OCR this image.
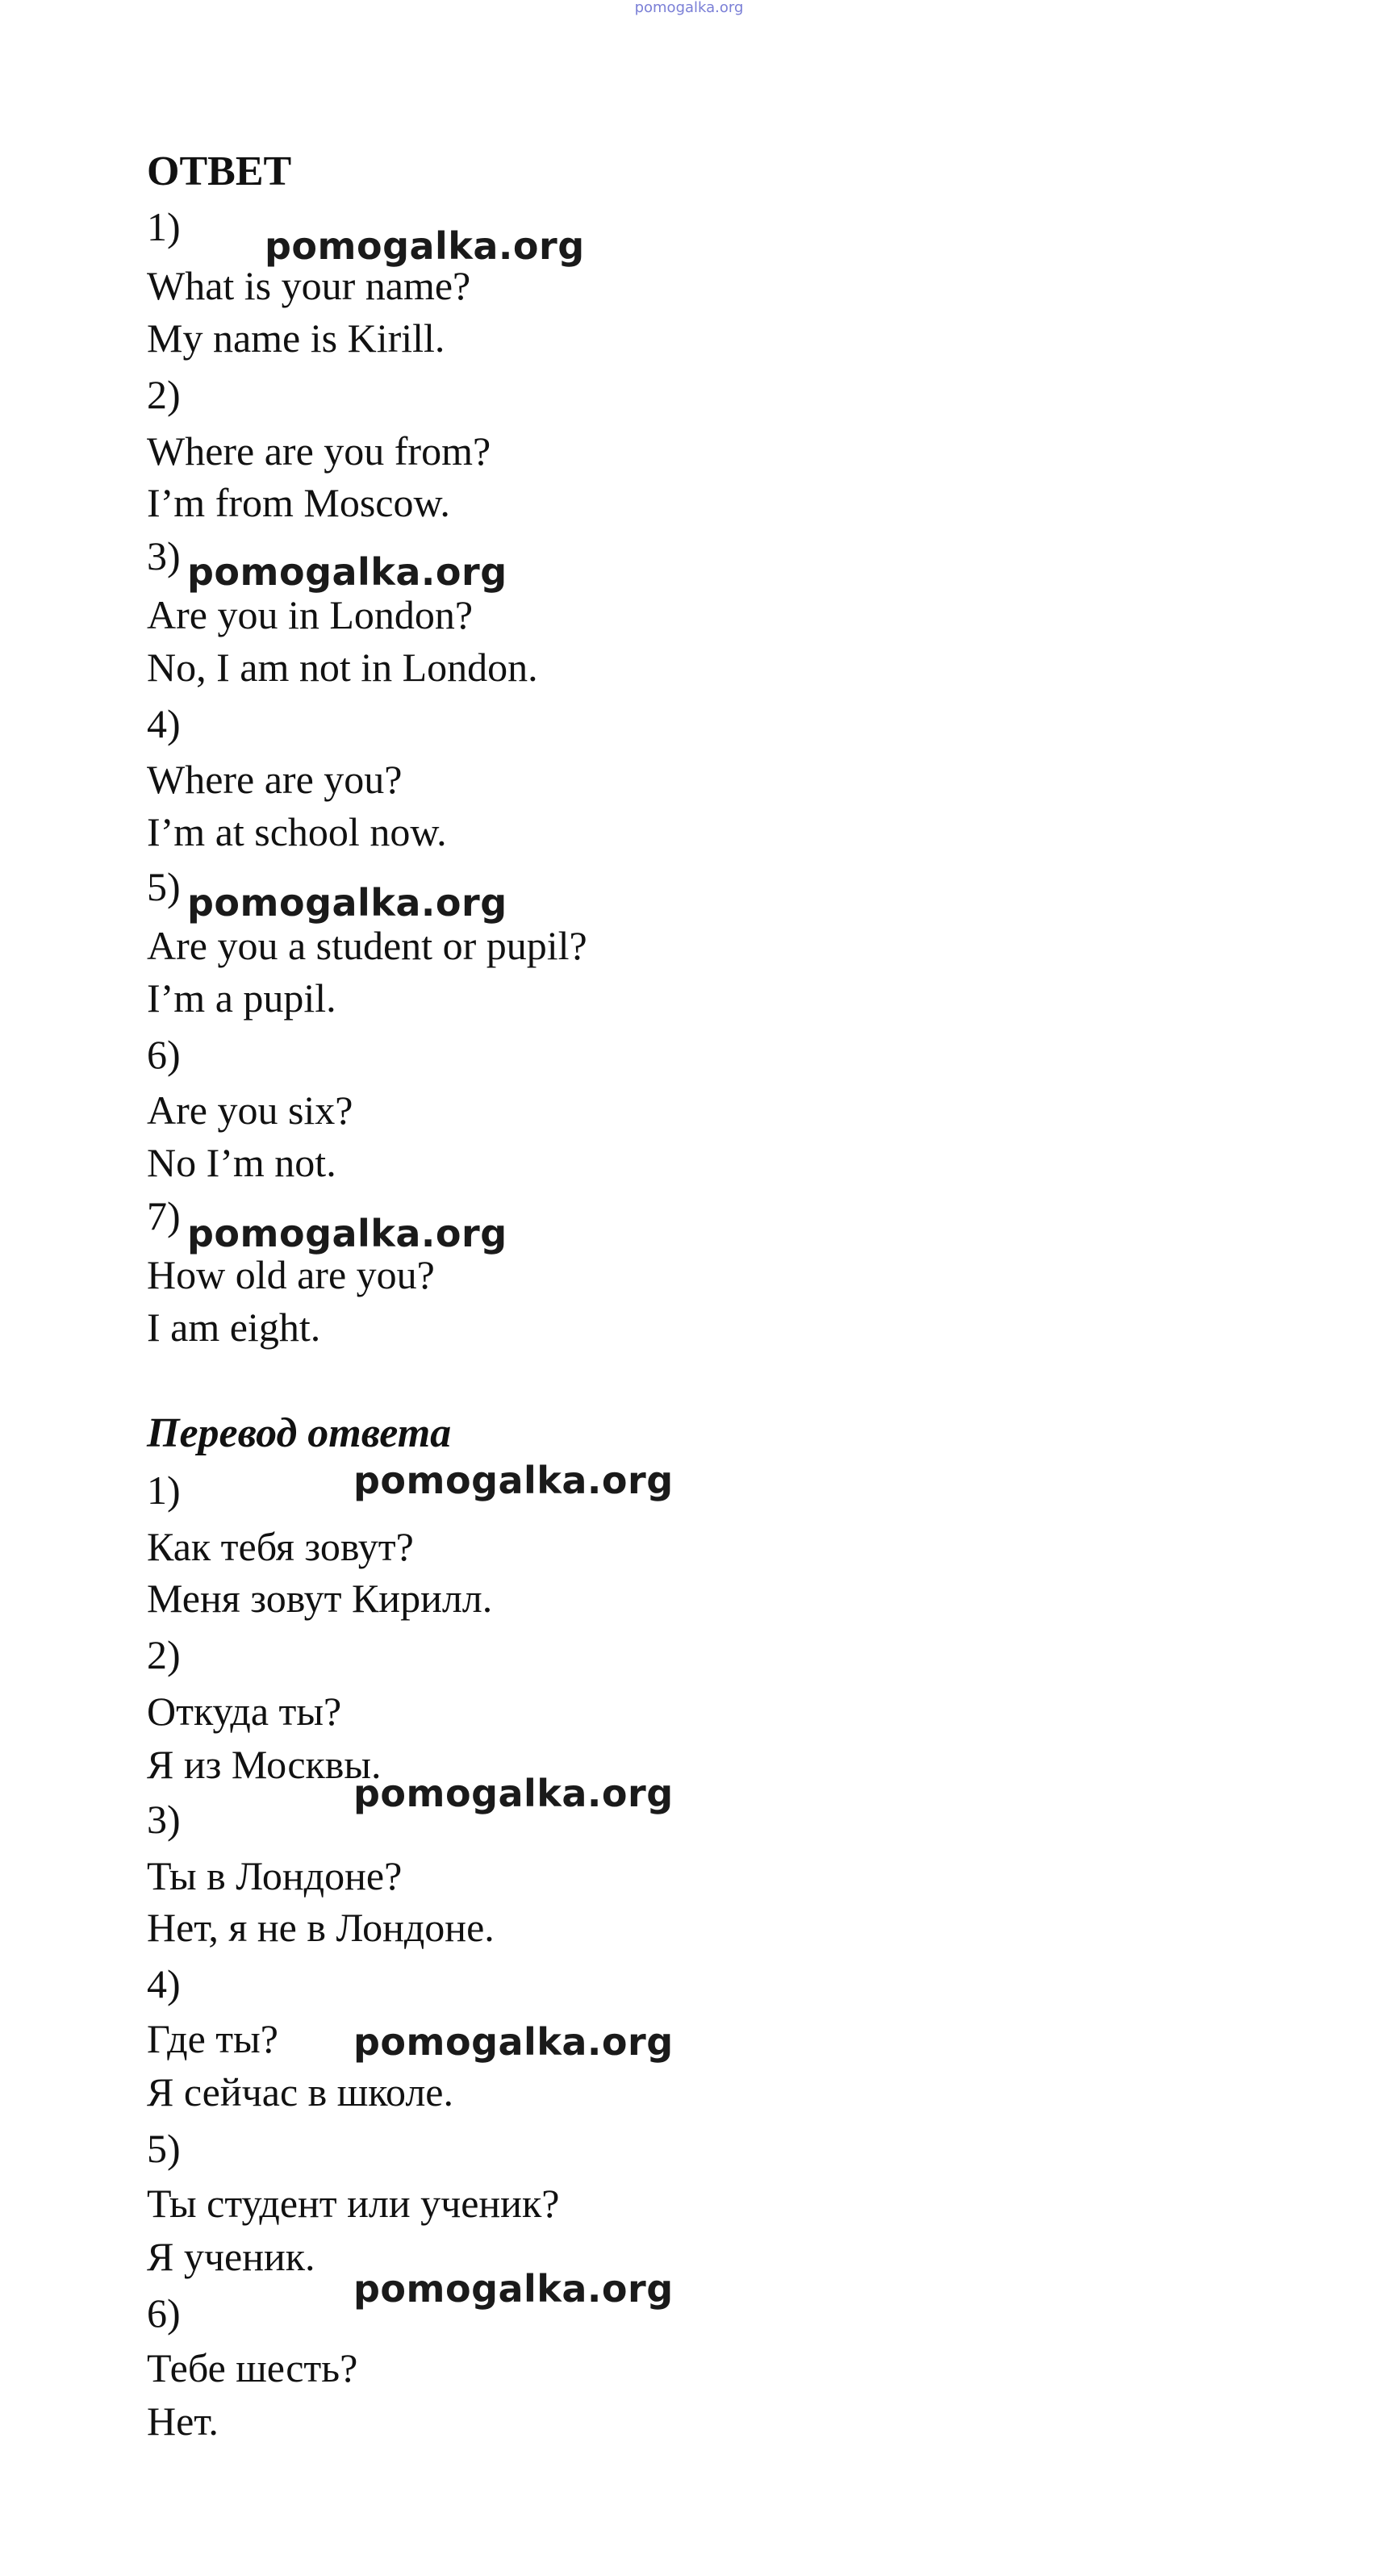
pomogalka.org
ОТВЕТ
1) pomogalka.org
What is your name?
My name is Kirill.
2)
Where are you from?
I’m from Moscow.
3) pomogalka.org
Are you in London?
No, I am not in London.
4)
Where are you?
I’m at school now.
5) pomogalka.org
Are you a student or pupil?
I’m a pupil.
6)
Are you six?
No I’m not.
7) pomogalka.org
How old are you?
I am eight.
Перевод ответа
1)	pomogalka.org
Как тебя зовут?
Меня зовут Кирилл.
2)
Откуда ты?
Я из Москвы.
pomogalka.org
3)
Ты в Лондоне?
Нет, я не в Лондоне.
4)
Где ты? pomogalka.org
Я сейчас в школе.
5)
Ты студент или ученик?
Я ученик.
pomogalka.org
6)
Тебе шесть?
Нет.
